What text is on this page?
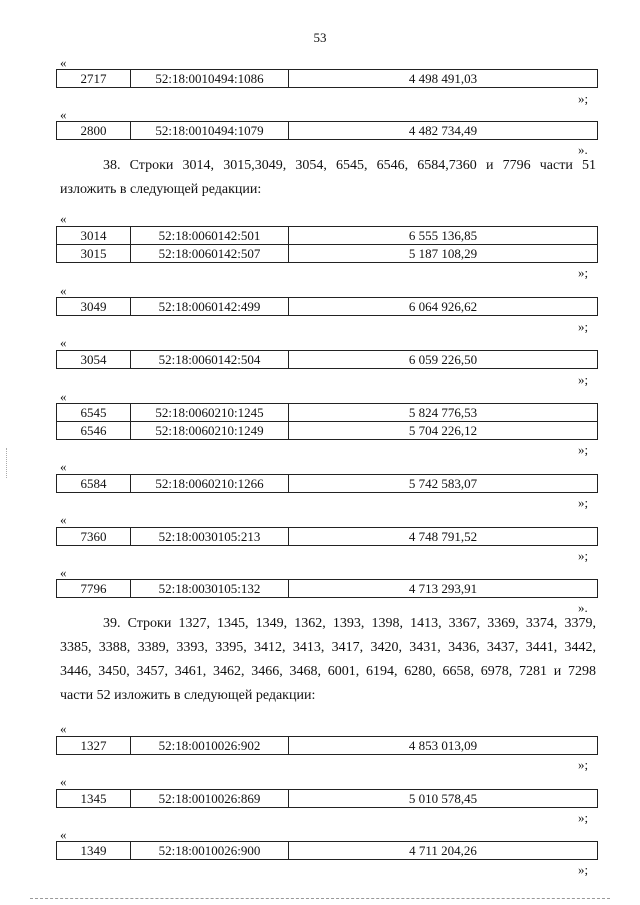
53
«
2717	52:18:0010494:1086	4 498 491,03
»;
«
2800	52:18:0010494:1079	4 482 734,49
».
38. Строки 3014, 3015,3049, 3054, 6545, 6546, 6584,7360 и 7796 части 51
изложить в следующей редакции:
«
3014	52:18:0060142:501	6 555 136,85
3015	52:18:0060142:507	5 187 108,29
»;
«
3049	52:18:0060142:499	6 064 926,62
»;
«
3054	52:18:0060142:504	6 059 226,50
»;
«
6545	52:18:0060210:1245	5 824 776,53
6546	52:18:0060210:1249	5 704 226,12
»;
«
6584	52:18:0060210:1266	5 742 583,07
»;
«
7360	52:18:0030105:213	4 748 791,52
»;
«
7796	52:18:0030105:132	4 713 293,91
».
39. Строки 1327, 1345, 1349, 1362, 1393, 1398, 1413, 3367, 3369, 3374, 3379,
3385, 3388, 3389, 3393, 3395, 3412, 3413, 3417, 3420, 3431, 3436, 3437, 3441, 3442,
3446, 3450, 3457, 3461, 3462, 3466, 3468, 6001, 6194, 6280, 6658, 6978, 7281 и 7298
части 52 изложить в следующей редакции:
«
1327	52:18:0010026:902	4 853 013,09
»;
«
1345	52:18:0010026:869	5 010 578,45
»;
«
1349	52:18:0010026:900	4 711 204,26
»;
